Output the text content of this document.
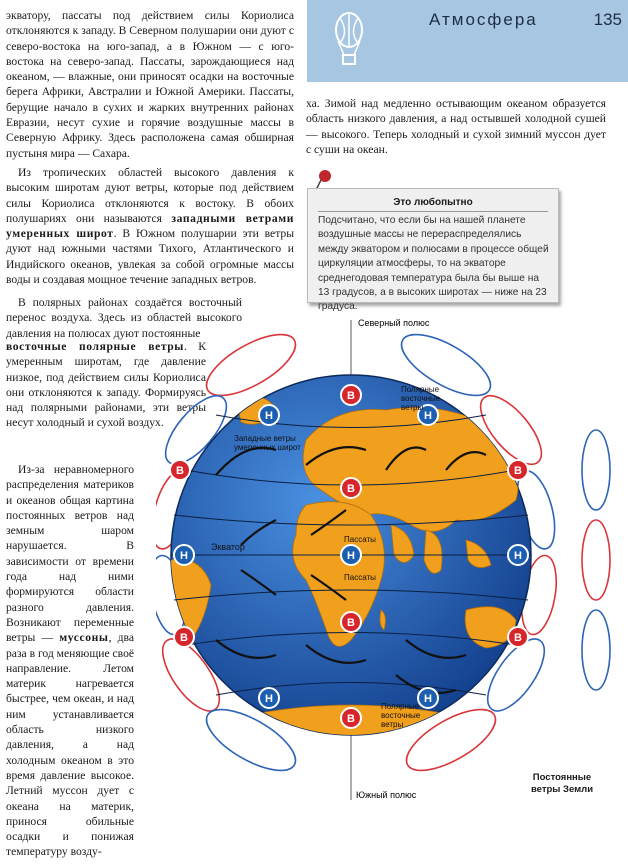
Атмосфера	135

экватору, пассаты под действием силы Кориолиса отклоняются к западу. В Северном полушарии они дуют с северо-востока на юго-запад, а в Южном — с юго-востока на северо-запад. Пассаты, зарождающиеся над океаном, — влажные, они приносят осадки на восточные берега Африки, Австралии и Южной Америки. Пассаты, берущие начало в сухих и жарких внутренних районах Евразии, несут сухие и горячие воздушные массы в Северную Африку. Здесь расположена самая обширная пустыня мира — Сахара.

Из тропических областей высокого давления к высоким широтам дуют ветры, которые под действием силы Кориолиса отклоняются к востоку. В обоих полушариях они называются западными ветрами умеренных широт. В Южном полушарии эти ветры дуют над южными частями Тихого, Атлантического и Индийского океанов, увлекая за собой огромные массы воды и создавая мощное течение западных ветров.

В полярных районах создаётся восточный перенос воздуха. Здесь из областей высокого давления на полюсах дуют постоянные

восточные полярные ветры. К умеренным широтам, где давление низкое, под действием силы Кориолиса они отклоняются к западу. Формируясь над полярными районами, эти ветры несут холодный и сухой воздух.

Из-за неравномерного распределения материков и океанов общая картина постоянных ветров над земным шаром нарушается. В зависимости от времени года над ними формируются области разного давления. Возникают переменные ветры — муссоны, два раза в год меняющие своё направление. Летом материк нагревается быстрее, чем океан, и над ним устанавливается область низкого давления, а над холодным океаном в это время давление высокое. Летний муссон дует с океана на материк, принося обильные осадки и понижая температуру возду-

ха. Зимой над медленно остывающим океаном образуется область низкого давления, а над остывшей холодной сушей — высокого. Теперь холодный и сухой зимний муссон дует с суши на океан.

Это любопытно
Подсчитано, что если бы на нашей планете воздушные массы не перераспределялись между экватором и полюсами в процессе общей циркуляции атмосферы, то на экваторе среднегодовая температура была бы выше на 13 градусов, а в высоких широтах — ниже на 23 градуса.
Северный полюс
Южный полюс
В
Н	Н
В
В	В
Н	Н	Н
В
В	В
Н	Н
В
Экватор
Пассаты
Пассаты
Западные ветры умеренных широт
Полярные восточные ветры
Полярные восточные ветры
Постоянные ветры Земли
